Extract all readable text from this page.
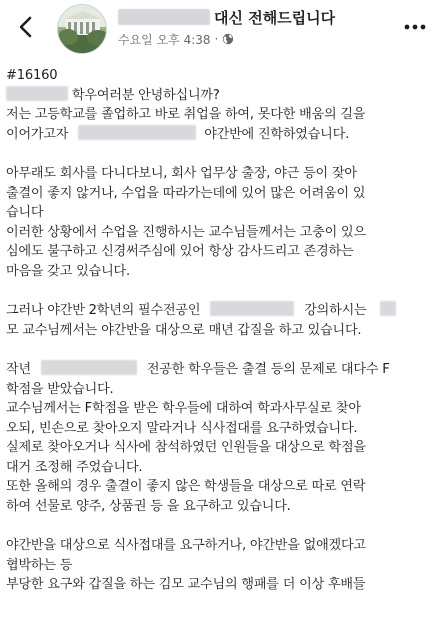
대신 전해드립니다
수요일 오후 4:38 ·
#16160
학우여러분 안녕하십니까?
저는 고등학교를 졸업하고 바로 취업을 하여, 못다한 배움의 길을
이어가고자	야간반에 진학하였습니다.
아무래도 회사를 다니다보니, 회사 업무상 출장, 야근 등이 잦아
출결이 좋지 않거나, 수업을 따라가는데에 있어 많은 어려움이 있
습니다
이러한 상황에서 수업을 진행하시는 교수님들께서는 고충이 있으
심에도 불구하고 신경써주심에 있어 항상 감사드리고 존경하는
마음을 갖고 있습니다.
그러나 야간반 2학년의 필수전공인	강의하시는
모 교수님께서는 야간반을 대상으로 매년 갑질을 하고 있습니다.
작년	전공한 학우들은 출결 등의 문제로 대다수 F
학점을 받았습니다.
교수님께서는 F학점을 받은 학우들에 대하여 학과사무실로 찾아
오되, 빈손으로 찾아오지 말라거나 식사접대를 요구하였습니다.
실제로 찾아오거나 식사에 참석하였던 인원들을 대상으로 학점을
대거 조정해 주었습니다.
또한 올해의 경우 출결이 좋지 않은 학생들을 대상으로 따로 연락
하여 선물로 양주, 상품권 등 을 요구하고 있습니다.
야간반을 대상으로 식사접대를 요구하거나, 야간반을 없애겠다고
협박하는 등
부당한 요구와 갑질을 하는 김모 교수님의 행패를 더 이상 후배들
